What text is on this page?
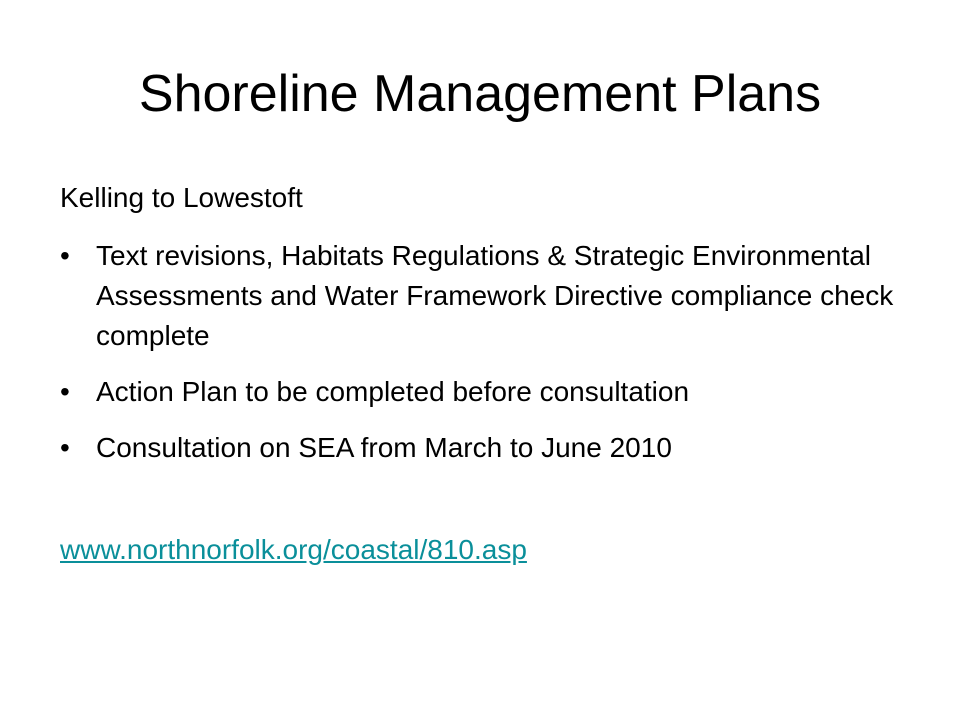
Shoreline Management Plans
Kelling to Lowestoft
• Text revisions, Habitats Regulations & Strategic Environmental Assessments and Water Framework Directive compliance check complete
• Action Plan to be completed before consultation
• Consultation on SEA from March to June 2010
www.northnorfolk.org/coastal/810.asp
